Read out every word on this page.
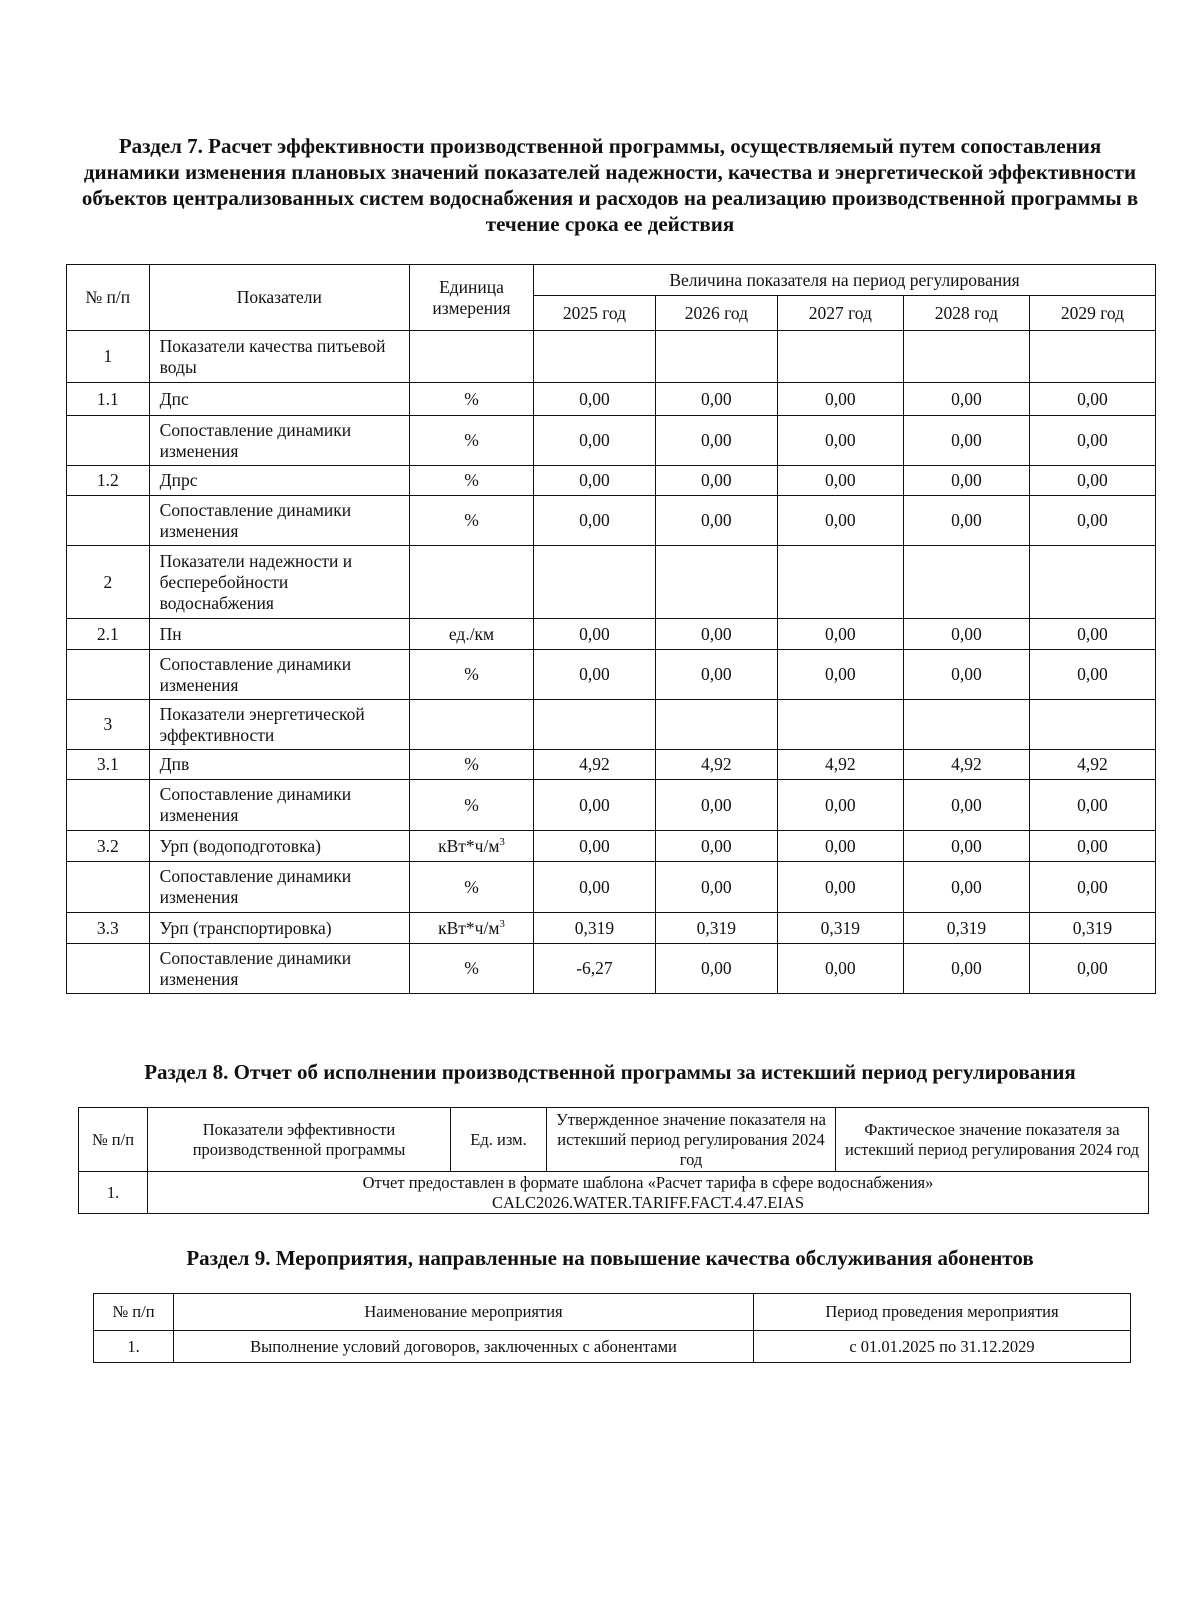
Раздел 7. Расчет эффективности производственной программы, осуществляемый путем сопоставления динамики изменения плановых значений показателей надежности, качества и энергетической эффективности объектов централизованных систем водоснабжения и расходов на реализацию производственной программы в течение срока ее действия
№ п/п	Показатели	Единица измерения	Величина показателя на период регулирования				
			2025 год	2026 год	2027 год	2028 год	2029 год
1	Показатели качества питьевой воды						
1.1	Дпс	%	0,00	0,00	0,00	0,00	0,00
	Сопоставление динамики изменения	%	0,00	0,00	0,00	0,00	0,00
1.2	Дпрс	%	0,00	0,00	0,00	0,00	0,00
	Сопоставление динамики изменения	%	0,00	0,00	0,00	0,00	0,00
2	Показатели надежности и бесперебойности водоснабжения						
2.1	Пн	ед./км	0,00	0,00	0,00	0,00	0,00
	Сопоставление динамики изменения	%	0,00	0,00	0,00	0,00	0,00
3	Показатели энергетической эффективности						
3.1	Дпв	%	4,92	4,92	4,92	4,92	4,92
	Сопоставление динамики изменения	%	0,00	0,00	0,00	0,00	0,00
3.2	Урп (водоподготовка)	$кВт*ч/м^3$	0,00	0,00	0,00	0,00	0,00
	Сопоставление динамики изменения	%	0,00	0,00	0,00	0,00	0,00
3.3	Урп (транспортировка)	$кВт*ч/м^3$	0,319	0,319	0,319	0,319	0,319
	Сопоставление динамики изменения	%	-6,27	0,00	0,00	0,00	0,00
Раздел 8. Отчет об исполнении производственной программы за истекший период регулирования
№ п/п	Показатели эффективности производственной программы	Ед. изм.	Утвержденное значение показателя на истекший период регулирования 2024 год	Фактическое значение показателя за истекший период регулирования 2024 год
1.	Отчет предоставлен в формате шаблона «Расчет тарифа в сфере водоснабжения»
CALC2026.WATER.TARIFF.FACT.4.47.EIAS			
Раздел 9. Мероприятия, направленные на повышение качества обслуживания абонентов
№ п/п	Наименование мероприятия	Период проведения мероприятия
1.	Выполнение условий договоров, заключенных с абонентами	с 01.01.2025 по 31.12.2029
